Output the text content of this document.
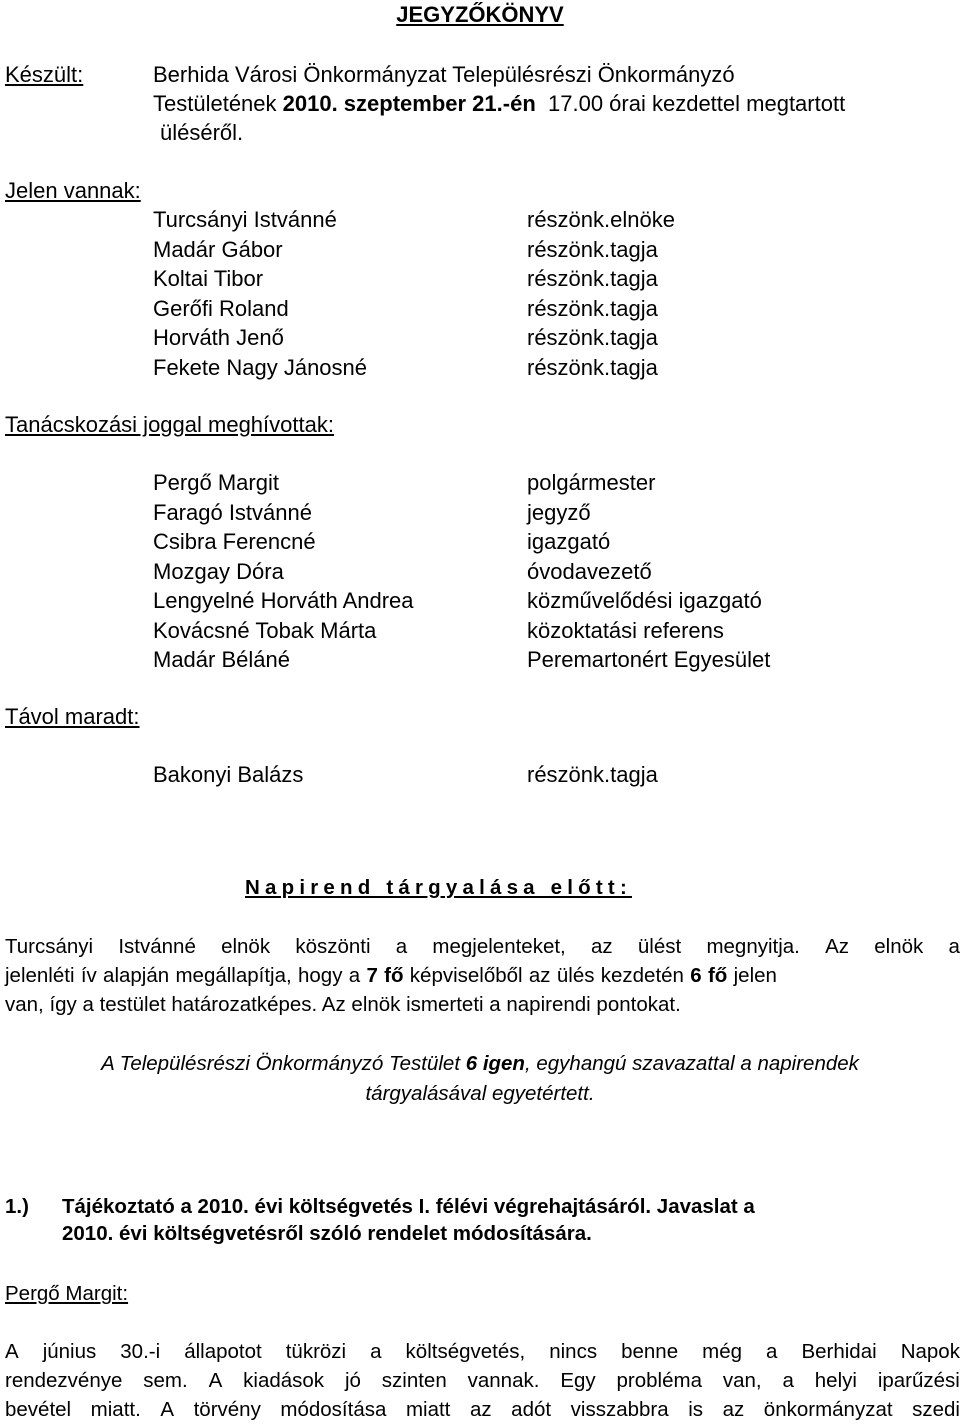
JEGYZŐKÖNYV
Készült:	Berhida Városi Önkormányzat Településrészi Önkormányzó
Testületének 2010. szeptember 21.-én 17.00 órai kezdettel megtartott
üléséről.
Jelen vannak:
Turcsányi Istvánné
Madár Gábor
Koltai Tibor
Gerőfi Roland
Horváth Jenő
Fekete Nagy Jánosné
részönk.elnöke
részönk.tagja
részönk.tagja
részönk.tagja
részönk.tagja
részönk.tagja
Tanácskozási joggal meghívottak:
Pergő Margit
Faragó Istvánné
Csibra Ferencné
Mozgay Dóra
Lengyelné Horváth Andrea
Kovácsné Tobak Márta
Madár Béláné
polgármester
jegyző
igazgató
óvodavezető
közművelődési igazgató
közoktatási referens
Peremartonért Egyesület
Távol maradt:
Bakonyi Balázs	részönk.tagja
Napirend tárgyalása előtt:
Turcsányi Istvánné elnök köszönti a megjelenteket, az ülést megnyitja. Az elnök a
jelenléti ív alapján megállapítja, hogy a 7 fő képviselőből az ülés kezdetén 6 fő jelen
van, így a testület határozatképes. Az elnök ismerteti a napirendi pontokat.
A Településrészi Önkormányzó Testület 6 igen, egyhangú szavazattal a napirendek
tárgyalásával egyetértett.
1.) Tájékoztató a 2010. évi költségvetés I. félévi végrehajtásáról. Javaslat a
2010. évi költségvetésről szóló rendelet módosítására.
Pergő Margit:
A június 30.-i állapotot tükrözi a költségvetés, nincs benne még a Berhidai Napok
rendezvénye sem. A kiadások jó szinten vannak. Egy probléma van, a helyi iparűzési
bevétel miatt. A törvény módosítása miatt az adót visszabbra is az önkormányzat szedi
